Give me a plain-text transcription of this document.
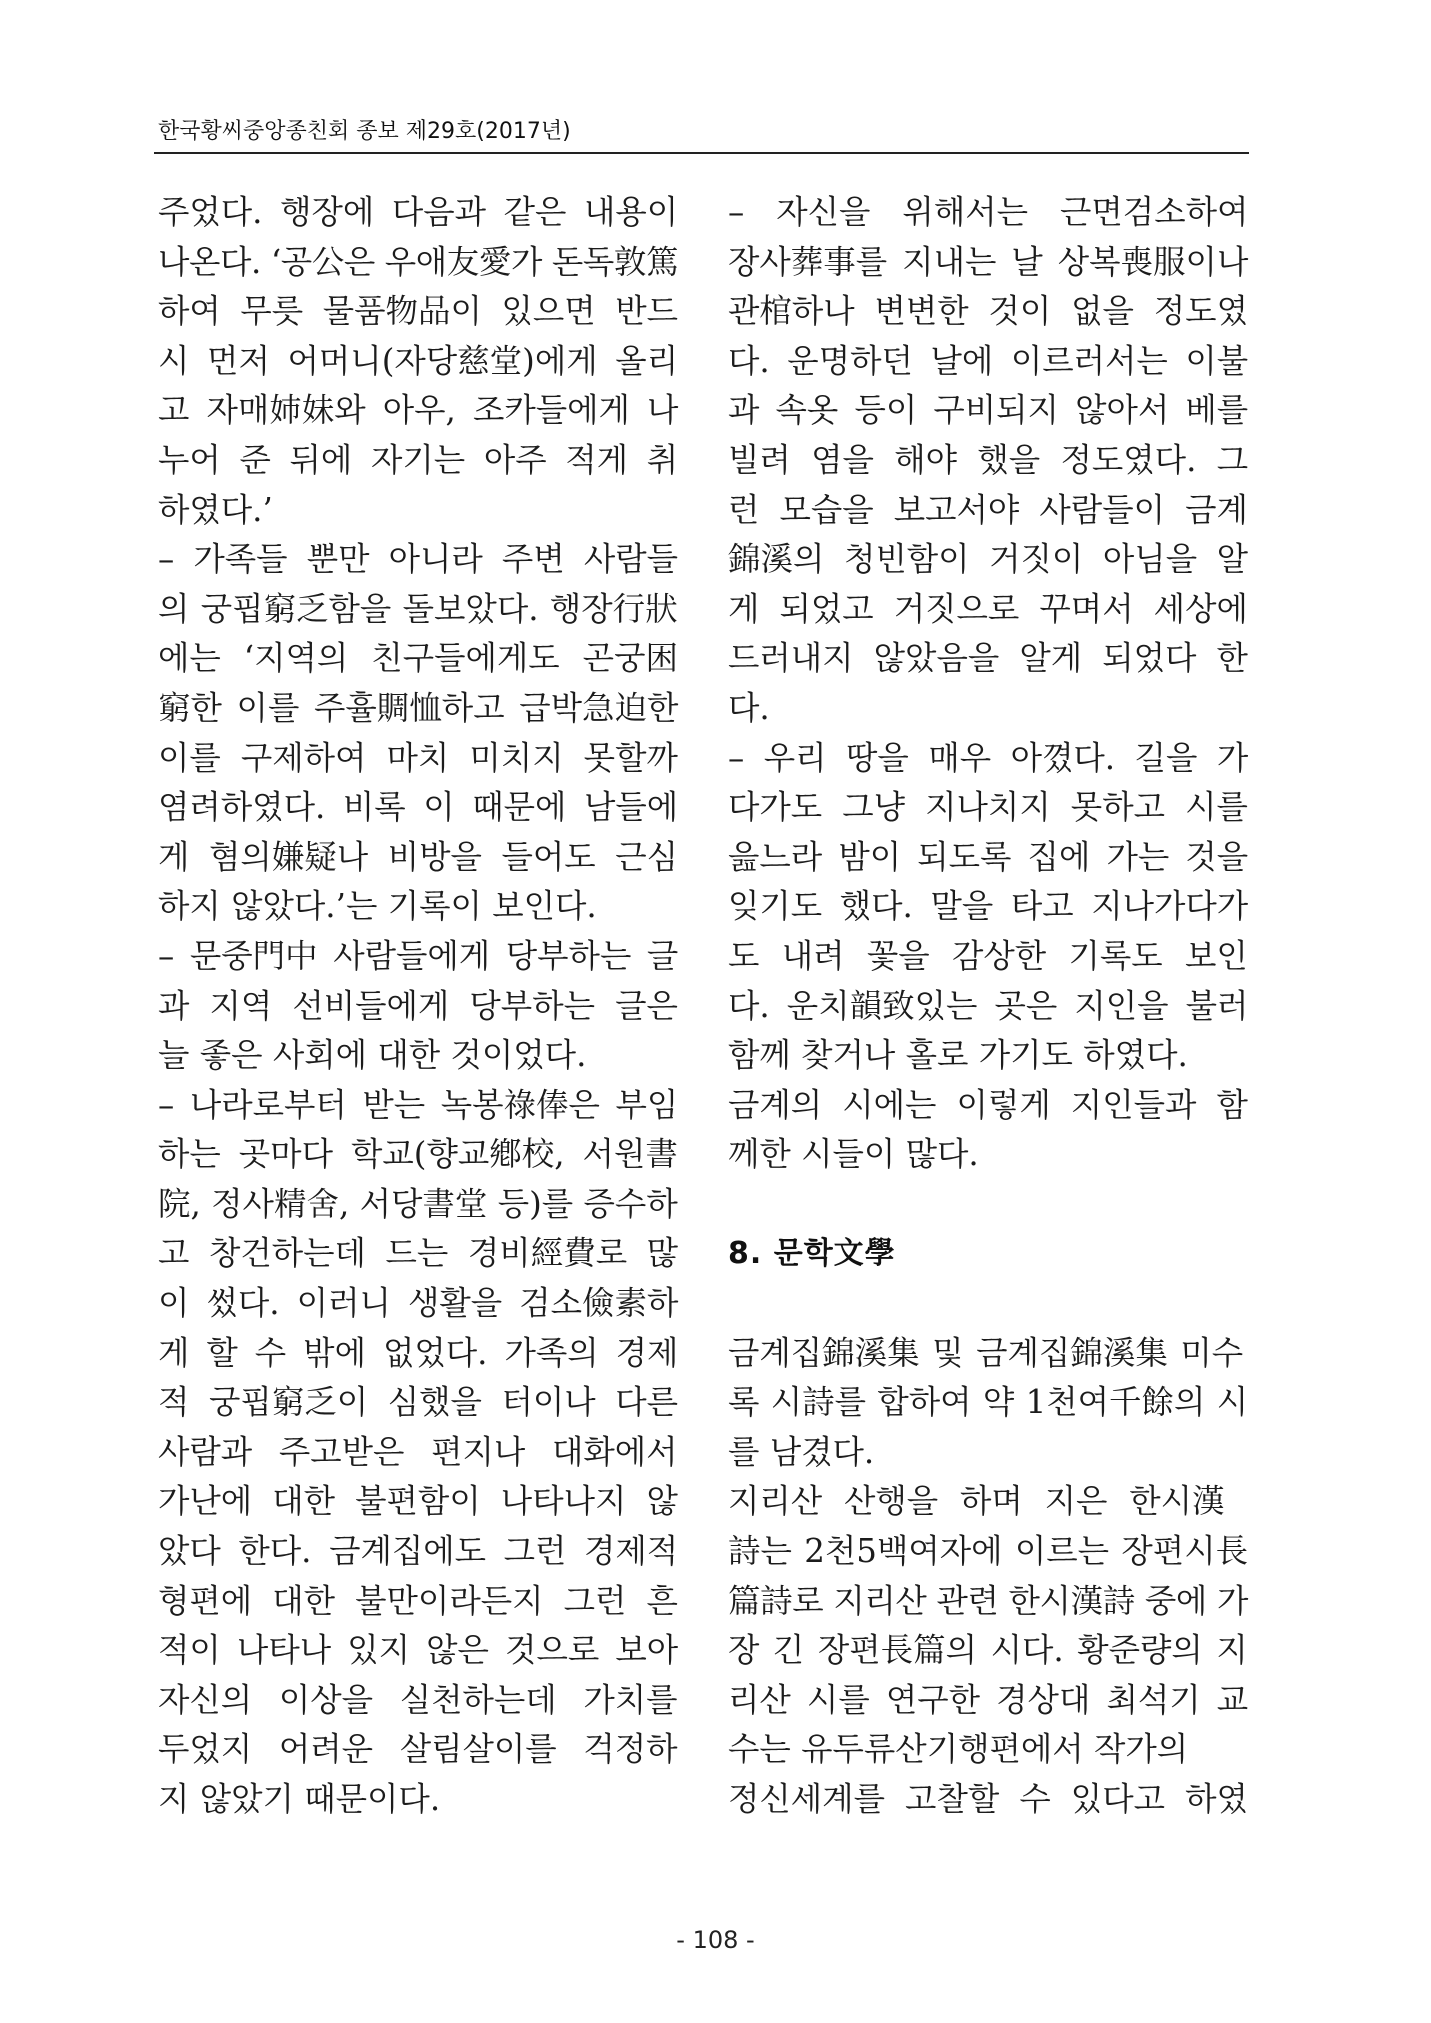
한국황씨중앙종친회 종보 제29호(2017년)
주었다. 행장에 다음과 같은 내용이
나온다. ‘공公은 우애友愛가 돈독敦篤
하여 무릇 물품物品이 있으면 반드
시 먼저 어머니(자당慈堂)에게 올리
고 자매姉妹와 아우, 조카들에게 나
누어 준 뒤에 자기는 아주 적게 취
하였다.’
– 가족들 뿐만 아니라 주변 사람들
의 궁핍窮乏함을 돌보았다. 행장行狀
에는 ‘지역의 친구들에게도 곤궁困
窮한 이를 주휼賙恤하고 급박急迫한
이를 구제하여 마치 미치지 못할까
염려하였다. 비록 이 때문에 남들에
게 혐의嫌疑나 비방을 들어도 근심
하지 않았다.’는 기록이 보인다.
– 문중門中 사람들에게 당부하는 글
과 지역 선비들에게 당부하는 글은
늘 좋은 사회에 대한 것이었다.
– 나라로부터 받는 녹봉祿俸은 부임
하는 곳마다 학교(향교鄕校, 서원書
院, 정사精舍, 서당書堂 등)를 증수하
고 창건하는데 드는 경비經費로 많
이 썼다. 이러니 생활을 검소儉素하
게 할 수 밖에 없었다. 가족의 경제
적 궁핍窮乏이 심했을 터이나 다른
사람과 주고받은 편지나 대화에서
가난에 대한 불편함이 나타나지 않
았다 한다. 금계집에도 그런 경제적
형편에 대한 불만이라든지 그런 흔
적이 나타나 있지 않은 것으로 보아
자신의 이상을 실천하는데 가치를
두었지 어려운 살림살이를 걱정하
지 않았기 때문이다.
– 자신을 위해서는 근면검소하여
장사葬事를 지내는 날 상복喪服이나
관棺하나 변변한 것이 없을 정도였
다. 운명하던 날에 이르러서는 이불
과 속옷 등이 구비되지 않아서 베를
빌려 염을 해야 했을 정도였다. 그
런 모습을 보고서야 사람들이 금계
錦溪의 청빈함이 거짓이 아님을 알
게 되었고 거짓으로 꾸며서 세상에
드러내지 않았음을 알게 되었다 한
다.
– 우리 땅을 매우 아꼈다. 길을 가
다가도 그냥 지나치지 못하고 시를
읊느라 밤이 되도록 집에 가는 것을
잊기도 했다. 말을 타고 지나가다가
도 내려 꽃을 감상한 기록도 보인
다. 운치韻致있는 곳은 지인을 불러
함께 찾거나 홀로 가기도 하였다.
금계의 시에는 이렇게 지인들과 함
께한 시들이 많다.
8. 문학文學
금계집錦溪集 및 금계집錦溪集 미수
록 시詩를 합하여 약 1천여千餘의 시
를 남겼다.
지리산 산행을 하며 지은 한시漢
詩는 2천5백여자에 이르는 장편시長
篇詩로 지리산 관련 한시漢詩 중에 가
장 긴 장편長篇의 시다. 황준량의 지
리산 시를 연구한 경상대 최석기 교
수는 유두류산기행편에서 작가의
정신세계를 고찰할 수 있다고 하였
- 108 -
